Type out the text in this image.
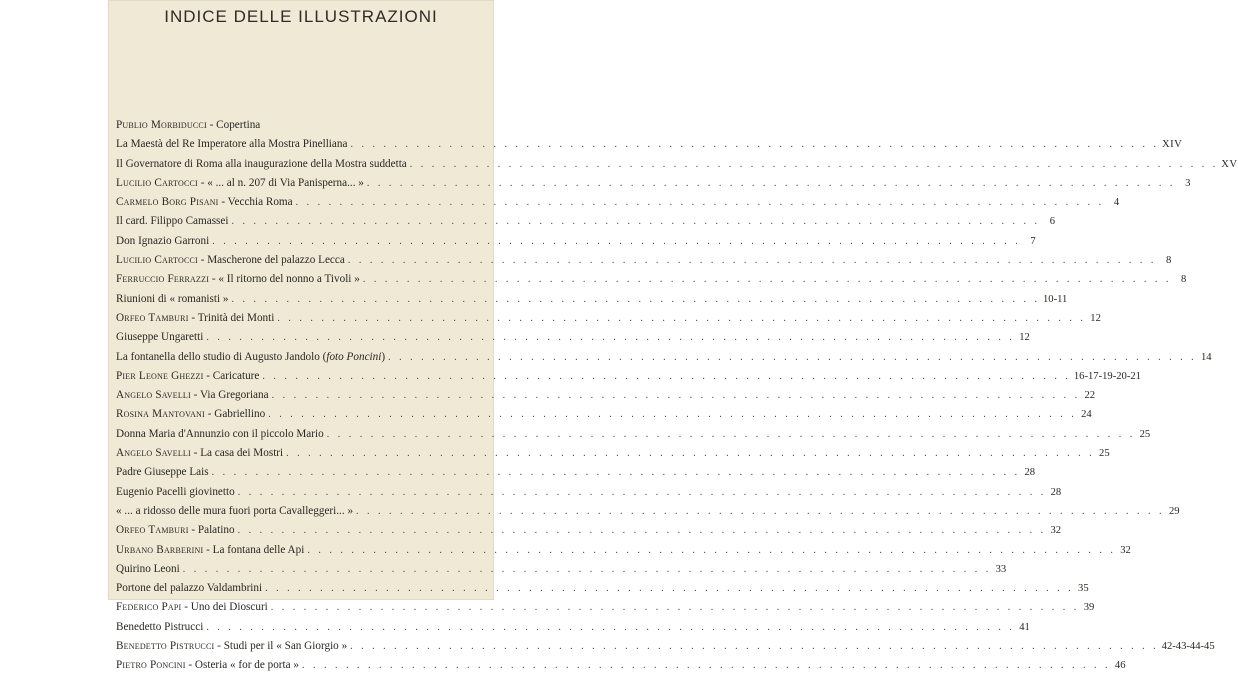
INDICE DELLE ILLUSTRAZIONI
Publio Morbiducci - Copertina
La Maestà del Re Imperatore alla Mostra Pinelliana . . .	XIV
Il Governatore di Roma alla inaugurazione della Mostra suddetta . . .	XV
Lucilio Cartocci - « ... al n. 207 di Via Panisperna... » . . .	3
Carmelo Borg Pisani - Vecchia Roma . . .	4
Il card. Filippo Camassei . . .	6
Don Ignazio Garroni . . .	7
Lucilio Cartocci - Mascherone del palazzo Lecca . . .	8
Ferruccio Ferrazzi - « Il ritorno del nonno a Tivoli » . . .	8
Riunioni di « romanisti » . . .	10-11
Orfeo Tamburi - Trinità dei Monti . . .	12
Giuseppe Ungaretti . . .	12
La fontanella dello studio di Augusto Jandolo (foto Poncini) . . .	14
Pier Leone Ghezzi - Caricature . . .	16-17-19-20-21
Angelo Savelli - Via Gregoriana . . .	22
Rosina Mantovani - Gabriellino . . .	24
Donna Maria d'Annunzio con il piccolo Mario . . .	25
Angelo Savelli - La casa dei Mostri . . .	25
Padre Giuseppe Lais . . .	28
Eugenio Pacelli giovinetto . . .	28
« ... a ridosso delle mura fuori porta Cavalleggeri... » . . .	29
Orfeo Tamburi - Palatino . . .	32
Urbano Barberini - La fontana delle Api . . .	32
Quirino Leoni . . .	33
Portone del palazzo Valdambrini . . .	35
Federico Papi - Uno dei Dioscuri . . .	39
Benedetto Pistrucci . . .	41
Benedetto Pistrucci - Studi per il « San Giorgio » . . .	42-43-44-45
Pietro Poncini - Osteria « for de porta » . . .	46
